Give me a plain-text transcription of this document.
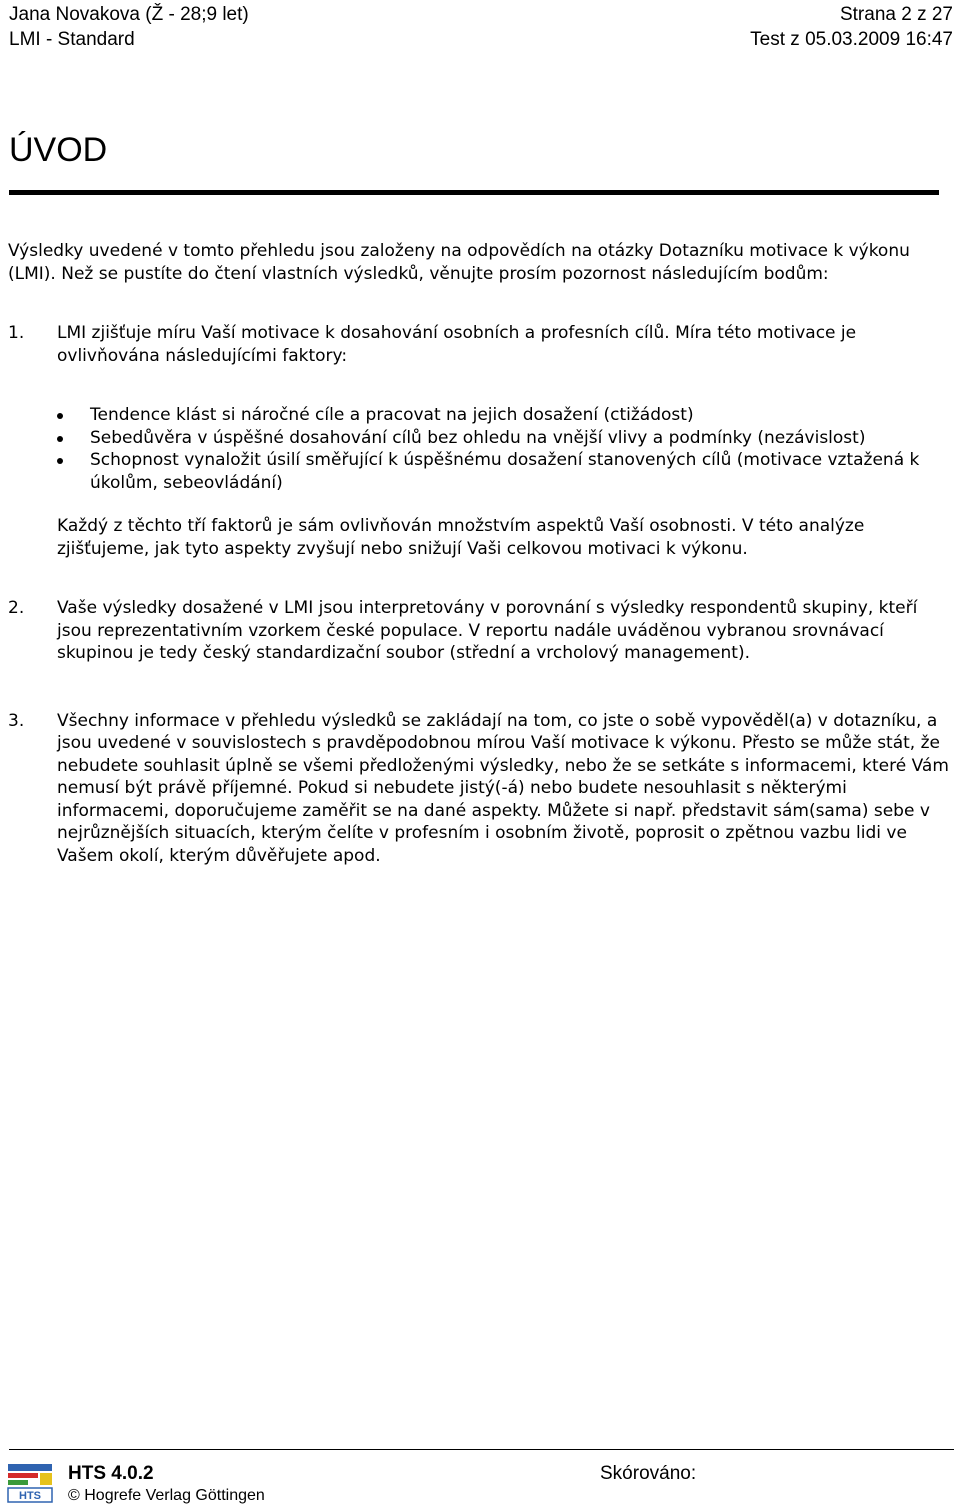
Jana Novakova (Ž - 28;9 let)	Strana 2 z 27
LMI - Standard	Test z 05.03.2009 16:47
ÚVOD

Výsledky uvedené v tomto přehledu jsou založeny na odpovědích na otázky Dotazníku motivace k výkonu (LMI). Než se pustíte do čtení vlastních výsledků, věnujte prosím pozornost následujícím bodům:

1.	LMI zjišťuje míru Vaší motivace k dosahování osobních a profesních cílů. Míra této motivace je ovlivňována následujícími faktory:

Tendence klást si náročné cíle a pracovat na jejich dosažení (ctižádost)
Sebedůvěra v úspěšné dosahování cílů bez ohledu na vnější vlivy a podmínky (nezávislost)
Schopnost vynaložit úsilí směřující k úspěšnému dosažení stanovených cílů (motivace vztažená k úkolům, sebeovládání)

Každý z těchto tří faktorů je sám ovlivňován množstvím aspektů Vaší osobnosti. V této analýze zjišťujeme, jak tyto aspekty zvyšují nebo snižují Vaši celkovou motivaci k výkonu.

2.	Vaše výsledky dosažené v LMI jsou interpretovány v porovnání s výsledky respondentů skupiny, kteří jsou reprezentativním vzorkem české populace. V reportu nadále uváděnou vybranou srovnávací skupinou je tedy český standardizační soubor (střední a vrcholový management).

3.	Všechny informace v přehledu výsledků se zakládají na tom, co jste o sobě vypověděl(a) v dotazníku, a jsou uvedené v souvislostech s pravděpodobnou mírou Vaší motivace k výkonu. Přesto se může stát, že nebudete souhlasit úplně se všemi předloženými výsledky, nebo že se setkáte s informacemi, které Vám nemusí být právě příjemné. Pokud si nebudete jistý(-á) nebo budete nesouhlasit s některými informacemi, doporučujeme zaměřit se na dané aspekty. Můžete si např. představit sám(sama) sebe v nejrůznějších situacích, kterým čelíte v profesním i osobním životě, poprosit o zpětnou vazbu lidi ve Vašem okolí, kterým důvěřujete apod.

HTS
HTS 4.0.2
© Hogrefe Verlag Göttingen
Skórováno:
